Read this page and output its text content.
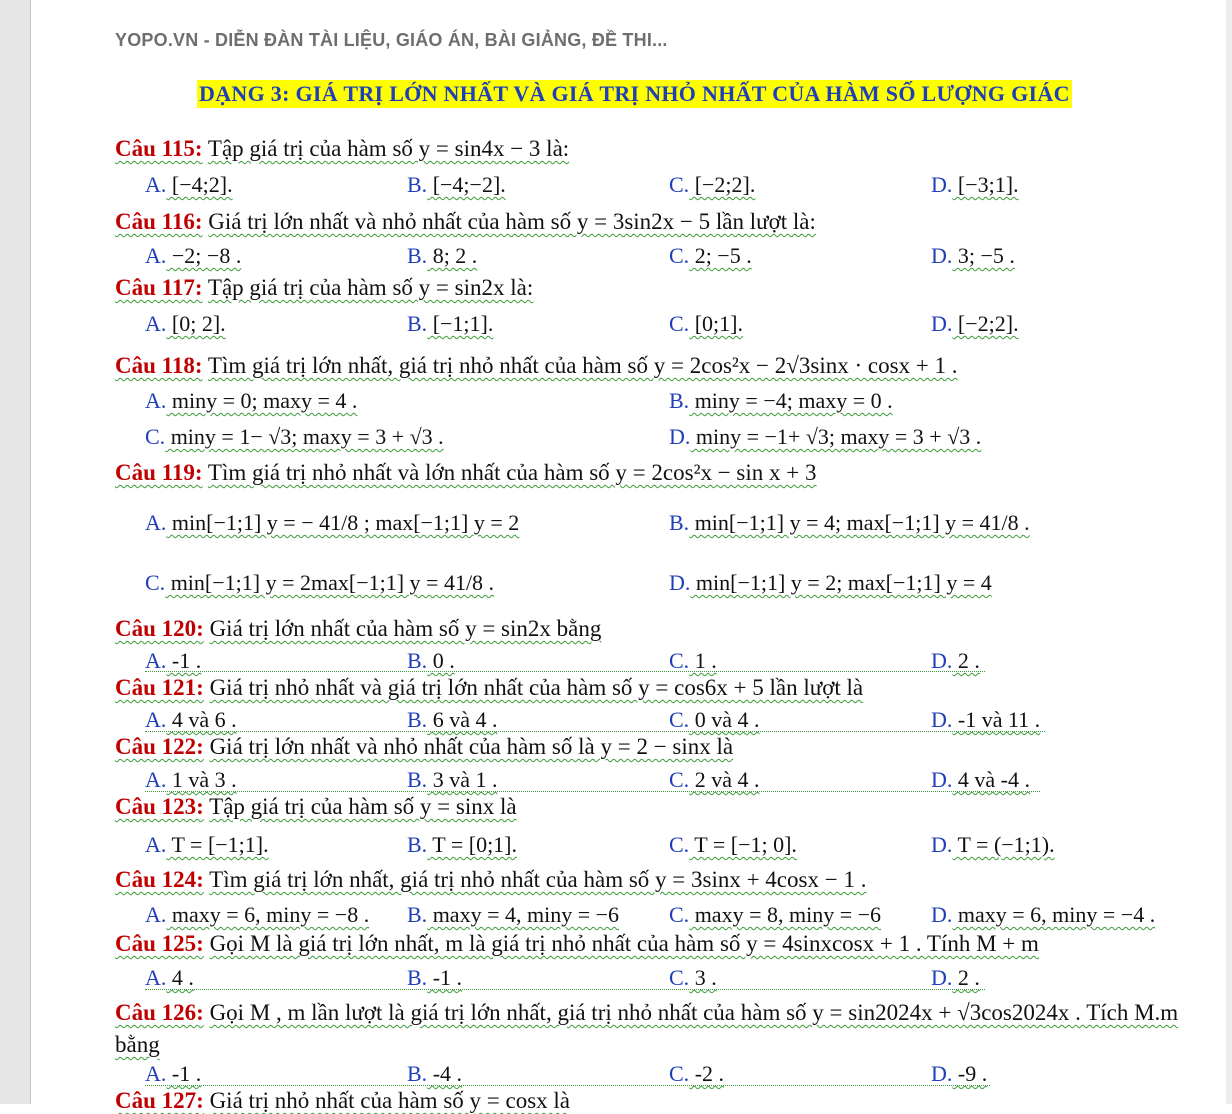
YOPO.VN - DIỄN ĐÀN TÀI LIỆU, GIÁO ÁN, BÀI GIẢNG, ĐỀ THI...
DẠNG 3: GIÁ TRỊ LỚN NHẤT VÀ GIÁ TRỊ NHỎ NHẤT CỦA HÀM SỐ LƯỢNG GIÁC
Câu 115: Tập giá trị của hàm số y = sin4x − 3 là:
A. [−4;2].	B. [−4;−2].	C. [−2;2].	D. [−3;1].
Câu 116: Giá trị lớn nhất và nhỏ nhất của hàm số y = 3sin2x − 5 lần lượt là:
A. −2; −8 .	B. 8; 2 .	C. 2; −5 .	D. 3; −5 .
Câu 117: Tập giá trị của hàm số y = sin2x là:
A. [0; 2].	B. [−1;1].	C. [0;1].	D. [−2;2].
Câu 118: Tìm giá trị lớn nhất, giá trị nhỏ nhất của hàm số y = 2cos²x − 2√3sinx · cosx + 1 .
A. miny = 0; maxy = 4 .	B. miny = −4; maxy = 0 .
C. miny = 1− √3; maxy = 3 + √3 .	D. miny = −1+ √3; maxy = 3 + √3 .
Câu 119: Tìm giá trị nhỏ nhất và lớn nhất của hàm số y = 2cos²x − sin x + 3
A. min[−1;1] y = − 41/8 ; max[−1;1] y = 2	B. min[−1;1] y = 4; max[−1;1] y = 41/8 .
C. min[−1;1] y = 2max[−1;1] y = 41/8 .	D. min[−1;1] y = 2; max[−1;1] y = 4
Câu 120: Giá trị lớn nhất của hàm số y = sin2x bằng
A. -1 .	B. 0 .	C. 1 .	D. 2 .
Câu 121: Giá trị nhỏ nhất và giá trị lớn nhất của hàm số y = cos6x + 5 lần lượt là
A. 4 và 6 .	B. 6 và 4 .	C. 0 và 4 .	D. -1 và 11 .
Câu 122: Giá trị lớn nhất và nhỏ nhất của hàm số là y = 2 − sinx là
A. 1 và 3 .	B. 3 và 1 .	C. 2 và 4 .	D. 4 và -4 .
Câu 123: Tập giá trị của hàm số y = sinx là
A. T = [−1;1].	B. T = [0;1].	C. T = [−1; 0].	D. T = (−1;1).
Câu 124: Tìm giá trị lớn nhất, giá trị nhỏ nhất của hàm số y = 3sinx + 4cosx − 1 .
A. maxy = 6, miny = −8 . B. maxy = 4, miny = −6 C. maxy = 8, miny = −6 D. maxy = 6, miny = −4 .
Câu 125: Gọi M là giá trị lớn nhất, m là giá trị nhỏ nhất của hàm số y = 4sinxcosx + 1 . Tính M + m
A. 4 .	B. -1 .	C. 3 .	D. 2 .
Câu 126: Gọi M , m lần lượt là giá trị lớn nhất, giá trị nhỏ nhất của hàm số y = sin2024x + √3cos2024x . Tích M.m bằng
A. -1 .	B. -4 .	C. -2 .	D. -9 .
Câu 127: Giá trị nhỏ nhất của hàm số y = cosx là
